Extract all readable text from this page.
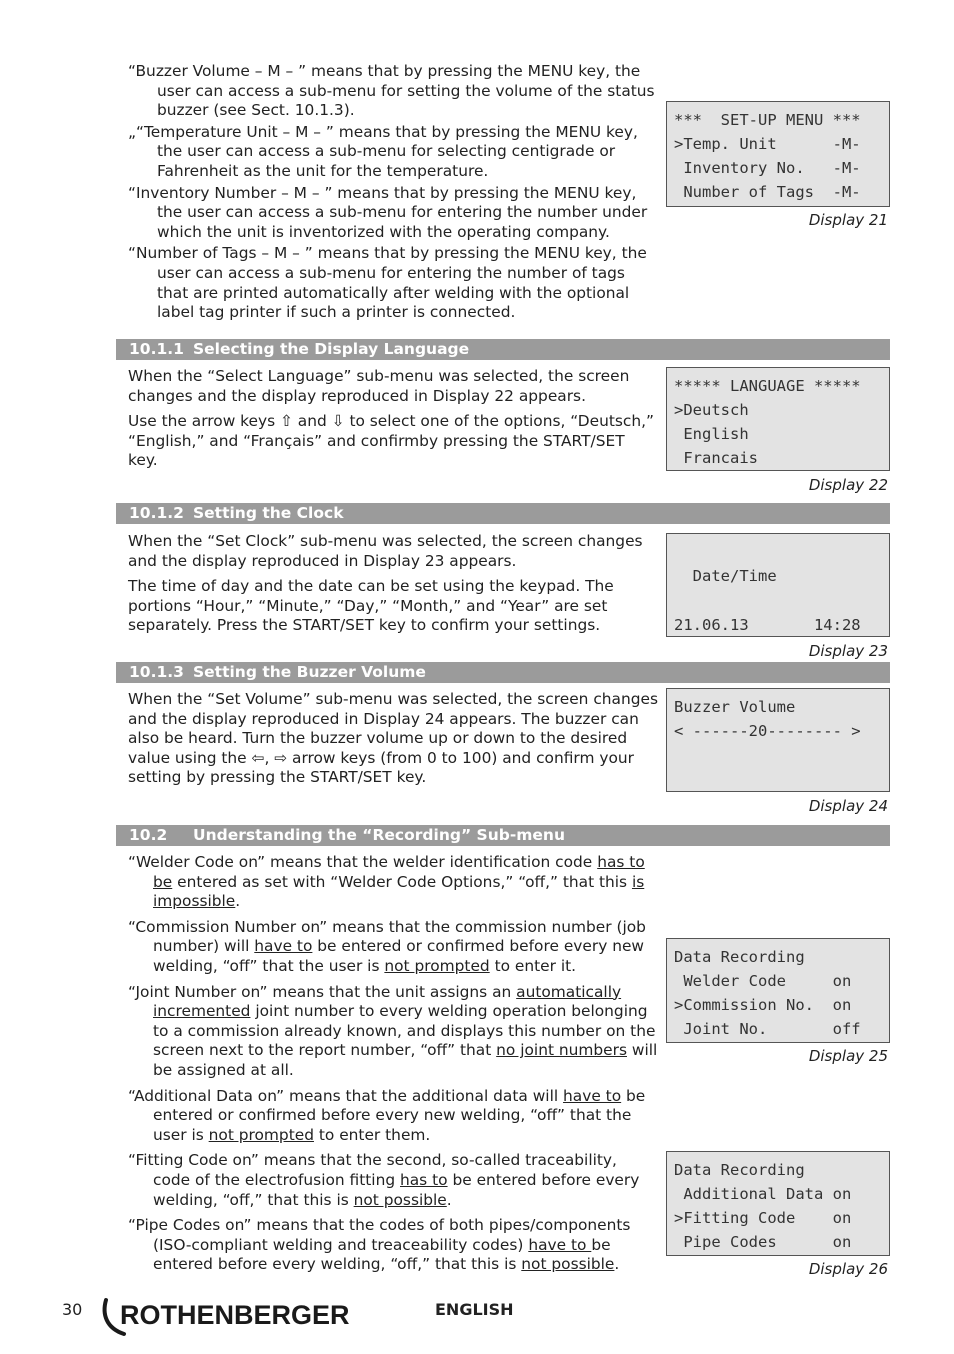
“Buzzer Volume – M – ” means that by pressing the MENU key, the user can access a sub-menu for setting the volume of the status buzzer (see Sect. 10.1.3).

„“Temperature Unit – M – ” means that by pressing the MENU key, the user can access a sub-menu for selecting centigrade or Fahrenheit as the unit for the temperature.

“Inventory Number – M – ” means that by pressing the MENU key, the user can access a sub-menu for entering the number under which the unit is inventorized with the operating company.

“Number of Tags – M – ” means that by pressing the MENU key, the user can access a sub-menu for entering the number of tags that are printed automatically after welding with the optional label tag printer if such a printer is connected.

***  SET-UP MENU ***
>Temp. Unit      -M-
Inventory No.   -M-
Number of Tags  -M-
Display 21
10.1.1 Selecting the Display Language

When the “Select Language” sub-menu was selected, the screen changes and the display reproduced in Display 22 appears.

Use the arrow keys ⇧ and ⇩ to select one of the options, “Deutsch,” “English,” and “Français” and confirmby pressing the START/SET key.

***** LANGUAGE *****
>Deutsch
English
Francais
Display 22
10.1.2 Setting the Clock

When the “Set Clock” sub-menu was selected, the screen changes and the display reproduced in Display 23 appears.

The time of day and the date can be set using the keypad. The portions “Hour,” “Minute,” “Day,” “Month,” and “Year” are set separately. Press the START/SET key to confirm your settings.

Date/Time

21.06.13       14:28

Display 23
10.1.3 Setting the Buzzer Volume

When the “Set Volume” sub-menu was selected, the screen changes and the display reproduced in Display 24 appears. The buzzer can also be heard. Turn the buzzer volume up or down to the desired value using the ⇦, ⇨ arrow keys (from 0 to 100) and confirm your setting by pressing the START/SET key.

Buzzer Volume
< ------20-------- >
Display 24
10.2 Understanding the “Recording” Sub-menu

“Welder Code on” means that the welder identification code has to be entered as set with “Welder Code Options,” “off,” that this is impossible.

“Commission Number on” means that the commission number (job number) will have to be entered or confirmed before every new welding, “off” that the user is not prompted to enter it.

“Joint Number on” means that the unit assigns an automatically incremented joint number to every welding operation belonging to a commission already known, and displays this number on the screen next to the report number, “off” that no joint numbers will be assigned at all.

“Additional Data on” means that the additional data will have to be entered or confirmed before every new welding, “off” that the user is not prompted to enter them.

“Fitting Code on” means that the second, so-called traceability, code of the electrofusion fitting has to be entered before every welding, “off,” that this is not possible.

“Pipe Codes on” means that the codes of both pipes/components (ISO-compliant welding and treaceability codes) have to be entered before every welding, “off,” that this is not possible.

Data Recording
Welder Code     on
>Commission No.  on
Joint No.       off
Display 25
Data Recording
Additional Data on
>Fitting Code    on
Pipe Codes      on
Display 26
30 ROTHENBERGER	ENGLISH
